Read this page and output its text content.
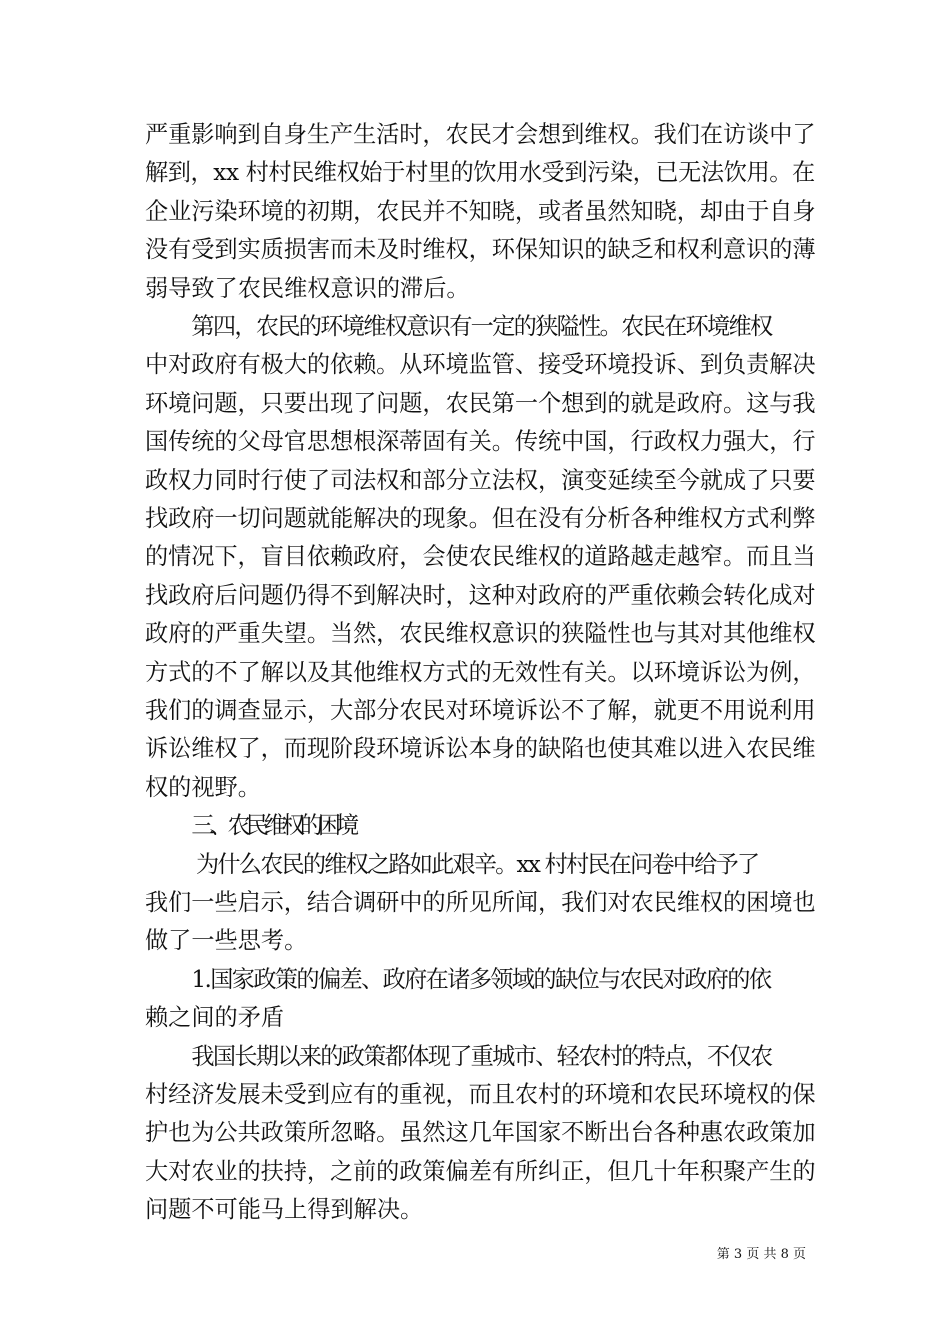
严重影响到自身生产生活时，农民才会想到维权。我们在访谈中了
解到，xx 村村民维权始于村里的饮用水受到污染，已无法饮用。在
企业污染环境的初期，农民并不知晓，或者虽然知晓，却由于自身
没有受到实质损害而未及时维权，环保知识的缺乏和权利意识的薄
弱导致了农民维权意识的滞后。
第四，农民的环境维权意识有一定的狭隘性。农民在环境维权
中对政府有极大的依赖。从环境监管、接受环境投诉、到负责解决
环境问题，只要出现了问题，农民第一个想到的就是政府。这与我
国传统的父母官思想根深蒂固有关。传统中国，行政权力强大，行
政权力同时行使了司法权和部分立法权，演变延续至今就成了只要
找政府一切问题就能解决的现象。但在没有分析各种维权方式利弊
的情况下，盲目依赖政府，会使农民维权的道路越走越窄。而且当
找政府后问题仍得不到解决时，这种对政府的严重依赖会转化成对
政府的严重失望。当然，农民维权意识的狭隘性也与其对其他维权
方式的不了解以及其他维权方式的无效性有关。以环境诉讼为例，
我们的调查显示，大部分农民对环境诉讼不了解，就更不用说利用
诉讼维权了，而现阶段环境诉讼本身的缺陷也使其难以进入农民维
权的视野。
三、农民维权的困境
为什么农民的维权之路如此艰辛。xx 村村民在问卷中给予了
我们一些启示，结合调研中的所见所闻，我们对农民维权的困境也
做了一些思考。
1.国家政策的偏差、政府在诸多领域的缺位与农民对政府的依
赖之间的矛盾
我国长期以来的政策都体现了重城市、轻农村的特点，不仅农
村经济发展未受到应有的重视，而且农村的环境和农民环境权的保
护也为公共政策所忽略。虽然这几年国家不断出台各种惠农政策加
大对农业的扶持，之前的政策偏差有所纠正，但几十年积聚产生的
问题不可能马上得到解决。
第 3 页 共 8 页
